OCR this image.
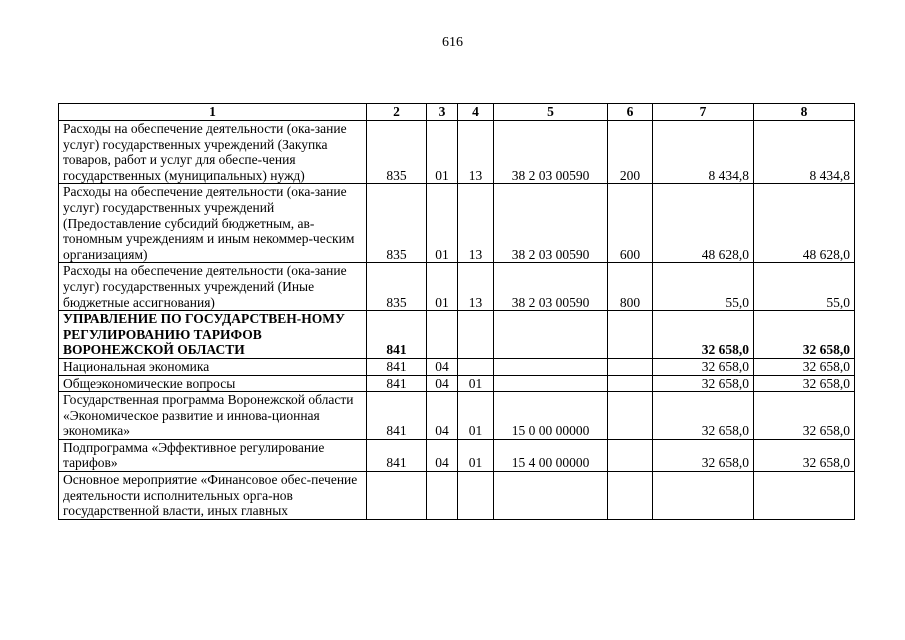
616
1	2	3	4	5	6	7	8
Расходы на обеспечение деятельности (ока-зание услуг) государственных учреждений (Закупка товаров, работ и услуг для обеспе-чения государственных (муниципальных) нужд)	835	01	13	38 2 03 00590	200	8 434,8	8 434,8
Расходы на обеспечение деятельности (ока-зание услуг) государственных учреждений (Предоставление субсидий бюджетным, ав-тономным учреждениям и иным некоммер-ческим организациям)	835	01	13	38 2 03 00590	600	48 628,0	48 628,0
Расходы на обеспечение деятельности (ока-зание услуг) государственных учреждений (Иные бюджетные ассигнования)	835	01	13	38 2 03 00590	800	55,0	55,0
УПРАВЛЕНИЕ ПО ГОСУДАРСТВЕН-НОМУ РЕГУЛИРОВАНИЮ ТАРИФОВ ВОРОНЕЖСКОЙ ОБЛАСТИ	841					32 658,0	32 658,0
Национальная экономика	841	04				32 658,0	32 658,0
Общеэкономические вопросы	841	04	01			32 658,0	32 658,0
Государственная программа Воронежской области «Экономическое развитие и иннова-ционная экономика»	841	04	01	15 0 00 00000		32 658,0	32 658,0
Подпрограмма «Эффективное регулирование тарифов»	841	04	01	15 4 00 00000		32 658,0	32 658,0
Основное мероприятие «Финансовое обес-печение деятельности исполнительных орга-нов государственной власти, иных главных							
